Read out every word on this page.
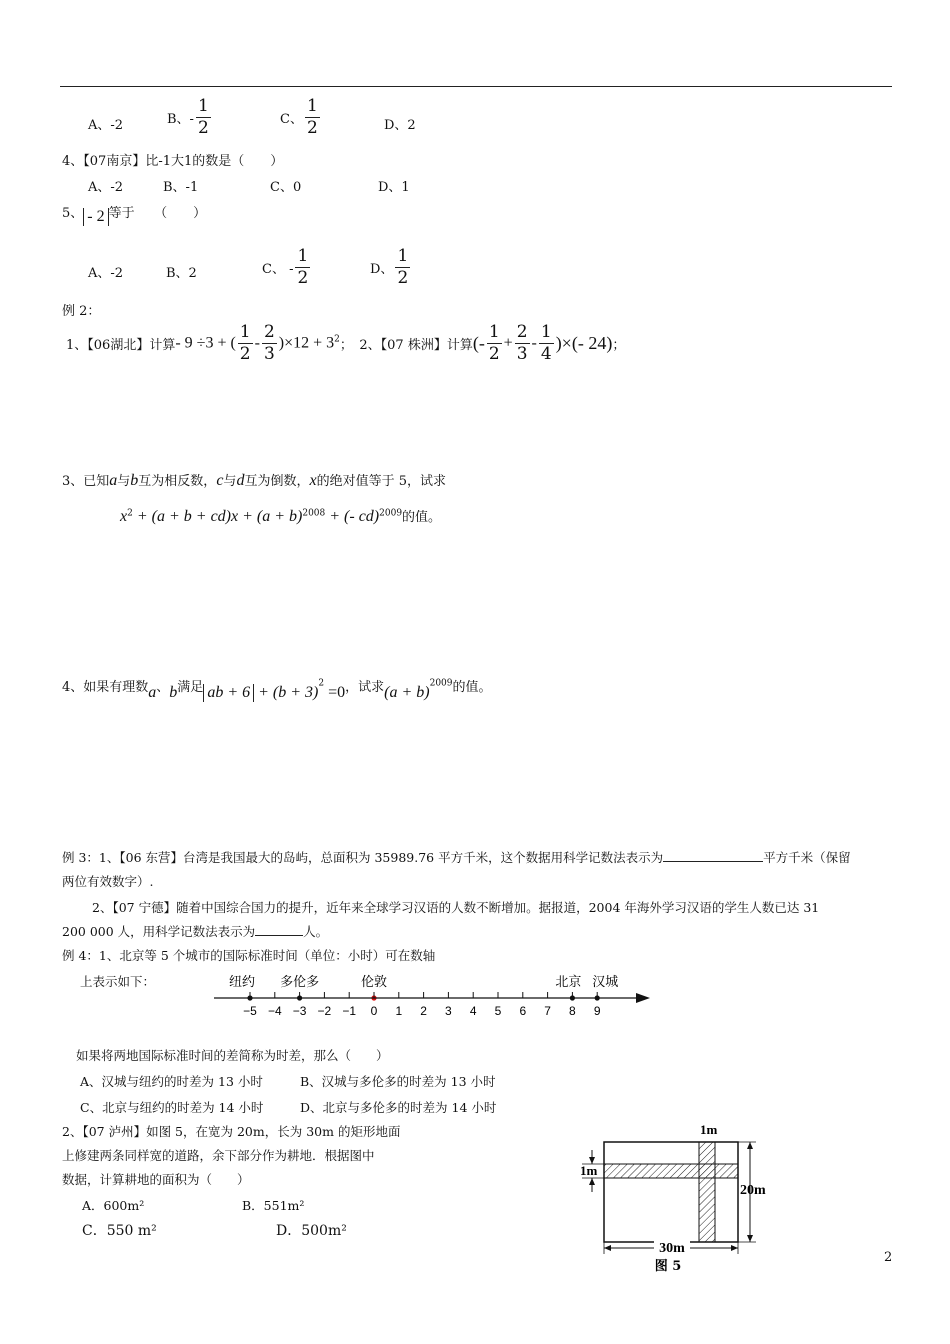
A、-2	B、- $\frac{1}{2}$	C、 $\frac{1}{2}$	D、2
4、【07南京】比-1大1的数是（　　）
A、-2	B、-1	C、0	D、1
5、 - 2 等于　　（　　）
A、-2	B、2	C、 - $\frac{1}{2}$	D、 $\frac{1}{2}$
例 2：
1、【06湖北】计算- 9 ÷3 + ( $\frac{1}{2} - \frac{2}{3} )\times 12 + 3^2$；　2、【07 株洲】计算(- $\frac{1}{2} + \frac{2}{3} - \frac{1}{4}$ )×(- 24)；
3、已知a与b互为相反数，c与d互为倒数，x的绝对值等于 5，试求
$x^2 + (a + b + cd)x + (a + b)^{2008}$ + (- cd)$^{2009}$的值。
4、如果有理数a、b满足 ab + $6 + (b + 3)^2 =0$，试求$(a + b)^{2009}$的值。
例 3：1、【06 东营】台湾是我国最大的岛屿，总面积为 35989.76 平方千米，这个数据用科学记数法表示为	平方千米（保留
两位有效数字）.
2、【07 宁德】随着中国综合国力的提升，近年来全球学习汉语的人数不断增加。据报道，2004 年海外学习汉语的学生人数已达 31
200 000 人，用科学记数法表示为	人。
例 4：1、北京等 5 个城市的国际标准时间（单位：小时）可在数轴
上表示如下：	纽约 多伦多	伦敦	北京 汉城
−5 −4 −3 −2 −1 0 1 2 3 4 5 6 7 8 9
如果将两地国际标准时间的差简称为时差，那么（　　）
A、汉城与纽约的时差为 13 小时	B、汉城与多伦多的时差为 13 小时
C、北京与纽约的时差为 14 小时	D、北京与多伦多的时差为 14 小时
2、【07 泸州】如图 5，在宽为 20m，长为 30m 的矩形地面
上修建两条同样宽的道路，余下部分作为耕地．根据图中
数据，计算耕地的面积为（　　）
A．600m²	B．551m²
C．550 m²	D．500m²
1m
1m
20m
30m
图 5
2
